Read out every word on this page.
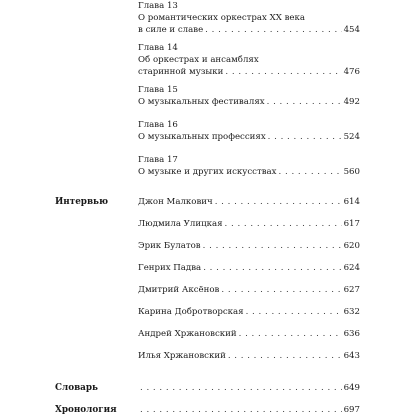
Глава 13
О романтических оркестрах XX века
в силе и славе . . .	454
Глава 14
Об оркестрах и ансамблях
старинной музыки . . .	476
Глава 15
О музыкальных фестивалях . . .	492
Глава 16
О музыкальных профессиях . . .	524
Глава 17
О музыке и других искусствах . . .	560
Интервью	Джон Малкович . . .	614
Людмила Улицкая . . .	617
Эрик Булатов . . .	620
Генрих Падва . . .	624
Дмитрий Аксёнов . . .	627
Карина Добротворская . . .	632
Андрей Хржановский . . .	636
Илья Хржановский . . .	643
Словарь . . .	649
Хронология . . .	697
